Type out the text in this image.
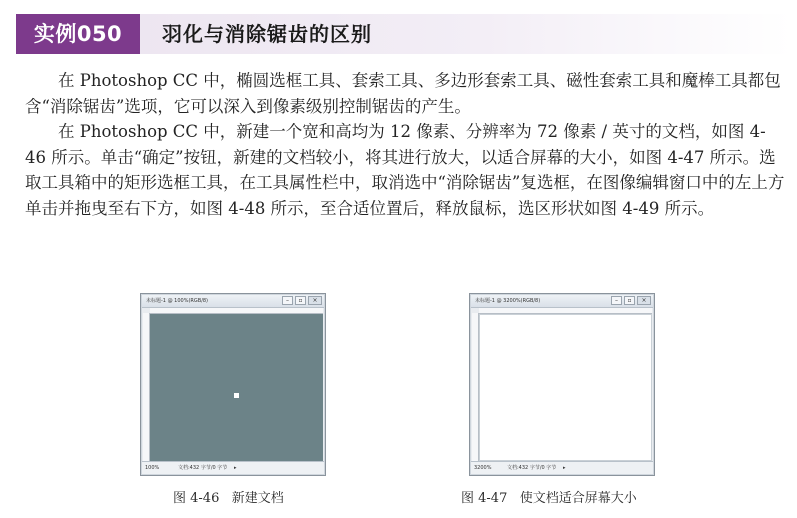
实例050	羽化与消除锯齿的区别

在 Photoshop CC 中，椭圆选框工具、套索工具、多边形套索工具、磁性套索工具和魔棒工具都包含“消除锯齿”选项，它可以深入到像素级别控制锯齿的产生。

在 Photoshop CC 中，新建一个宽和高均为 12 像素、分辨率为 72 像素 / 英寸的文档，如图 4-46 所示。单击“确定”按钮，新建的文档较小，将其进行放大，以适合屏幕的大小，如图 4-47 所示。选取工具箱中的矩形选框工具，在工具属性栏中，取消选中“消除锯齿”复选框，在图像编辑窗口中的左上方单击并拖曳至右下方，如图 4-48 所示，至合适位置后，释放鼠标，选区形状如图 4-49 所示。

未标题-1 @ 100%(RGB/8)	–	▫	×
100%	文档:432 字节/0 字节 ▸
未标题-1 @ 3200%(RGB/8)	–	▫	×
3200%	文档:432 字节/0 字节 ▸
图 4-46   新建文档	图 4-47   使文档适合屏幕大小
